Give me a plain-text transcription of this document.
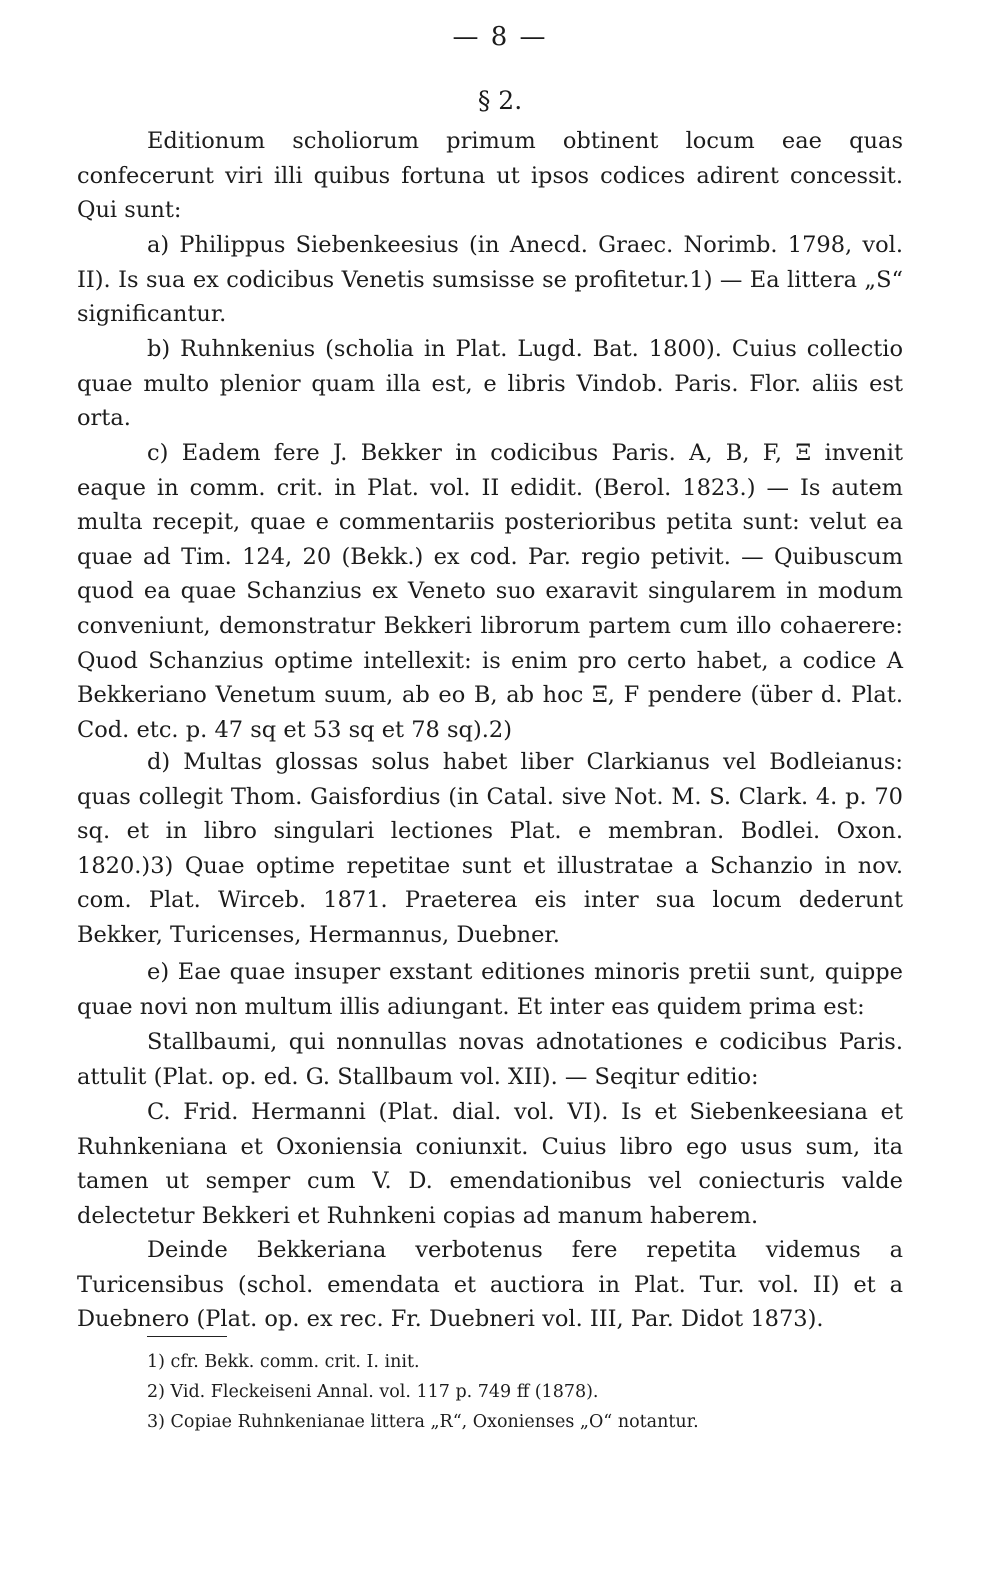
— 8 —
§ 2.

Editionum scholiorum primum obtinent locum eae quas confecerunt viri illi quibus fortuna ut ipsos codices adirent concessit. Qui sunt:

a) Philippus Siebenkeesius (in Anecd. Graec. Norimb. 1798, vol. II). Is sua ex codicibus Venetis sumsisse se profitetur.1) — Ea littera „S“ significantur.

b) Ruhnkenius (scholia in Plat. Lugd. Bat. 1800). Cuius collectio quae multo plenior quam illa est, e libris Vindob. Paris. Flor. aliis est orta.

c) Eadem fere J. Bekker in codicibus Paris. A, B, F, Ξ invenit eaque in comm. crit. in Plat. vol. II edidit. (Berol. 1823.) — Is autem multa recepit, quae e commentariis posterioribus petita sunt: velut ea quae ad Tim. 124, 20 (Bekk.) ex cod. Par. regio petivit. — Quibuscum quod ea quae Schanzius ex Veneto suo exaravit singularem in modum conveniunt, demonstratur Bekkeri librorum partem cum illo cohaerere: Quod Schanzius optime intellexit: is enim pro certo habet, a codice A Bekkeriano Venetum suum, ab eo B, ab hoc Ξ, F pendere (über d. Plat. Cod. etc. p. 47 sq et 53 sq et 78 sq).2)

d) Multas glossas solus habet liber Clarkianus vel Bodleianus: quas collegit Thom. Gaisfordius (in Catal. sive Not. M. S. Clark. 4. p. 70 sq. et in libro singulari lectiones Plat. e membran. Bodlei. Oxon. 1820.)3) Quae optime repetitae sunt et illustratae a Schanzio in nov. com. Plat. Wirceb. 1871. Praeterea eis inter sua locum dederunt Bekker, Turicenses, Hermannus, Duebner.

e) Eae quae insuper exstant editiones minoris pretii sunt, quippe quae novi non multum illis adiungant. Et inter eas quidem prima est:

Stallbaumi, qui nonnullas novas adnotationes e codicibus Paris. attulit (Plat. op. ed. G. Stallbaum vol. XII). — Seqitur editio:

C. Frid. Hermanni (Plat. dial. vol. VI). Is et Siebenkeesiana et Ruhnkeniana et Oxoniensia coniunxit. Cuius libro ego usus sum, ita tamen ut semper cum V. D. emendationibus vel coniecturis valde delectetur Bekkeri et Ruhnkeni copias ad manum haberem.

Deinde Bekkeriana verbotenus fere repetita videmus a Turicensibus (schol. emendata et auctiora in Plat. Tur. vol. II) et a Duebnero (Plat. op. ex rec. Fr. Duebneri vol. III, Par. Didot 1873).

1) cfr. Bekk. comm. crit. I. init.
2) Vid. Fleckeiseni Annal. vol. 117 p. 749 ff (1878).
3) Copiae Ruhnkenianae littera „R“, Oxonienses „O“ notantur.
